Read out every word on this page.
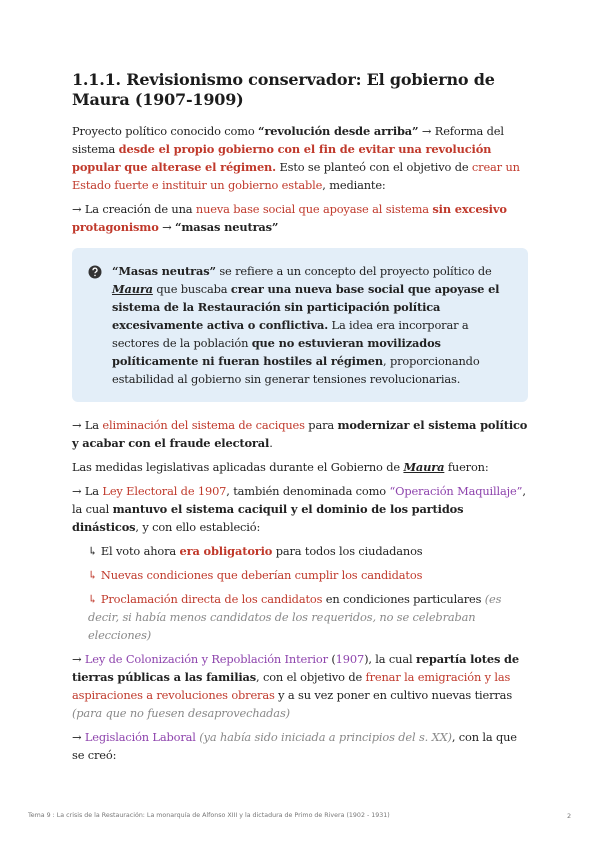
1.1.1. Revisionismo conservador: El gobierno de Maura (1907-1909)

Proyecto político conocido como “revolución desde arriba” → Reforma del sistema desde el propio gobierno con el fin de evitar una revolución popular que alterase el régimen. Esto se planteó con el objetivo de crear un Estado fuerte e instituir un gobierno estable, mediante:

→ La creación de una nueva base social que apoyase al sistema sin excesivo protagonismo → “masas neutras”

“Masas neutras” se refiere a un concepto del proyecto político de Maura que buscaba crear una nueva base social que apoyase el sistema de la Restauración sin participación política excesivamente activa o conflictiva. La idea era incorporar a sectores de la población que no estuvieran movilizados políticamente ni fueran hostiles al régimen, proporcionando estabilidad al gobierno sin generar tensiones revolucionarias.

→ La eliminación del sistema de caciques para modernizar el sistema político y acabar con el fraude electoral.

Las medidas legislativas aplicadas durante el Gobierno de Maura fueron:

→ La Ley Electoral de 1907, también denominada como “Operación Maquillaje”, la cual mantuvo el sistema caciquil y el dominio de los partidos dinásticos, y con ello estableció:

↳ El voto ahora era obligatorio para todos los ciudadanos

↳ Nuevas condiciones que deberían cumplir los candidatos

↳ Proclamación directa de los candidatos en condiciones particulares (es decir, si había menos candidatos de los requeridos, no se celebraban elecciones)

→ Ley de Colonización y Repoblación Interior (1907), la cual repartía lotes de tierras públicas a las familias, con el objetivo de frenar la emigración y las aspiraciones a revoluciones obreras y a su vez poner en cultivo nuevas tierras (para que no fuesen desaprovechadas)

→ Legislación Laboral (ya había sido iniciada a principios del s. XX), con la que se creó:

Tema 9 : La crisis de la Restauración: La monarquía de Alfonso XIII y la dictadura de Primo de Rivera (1902 - 1931)	2
